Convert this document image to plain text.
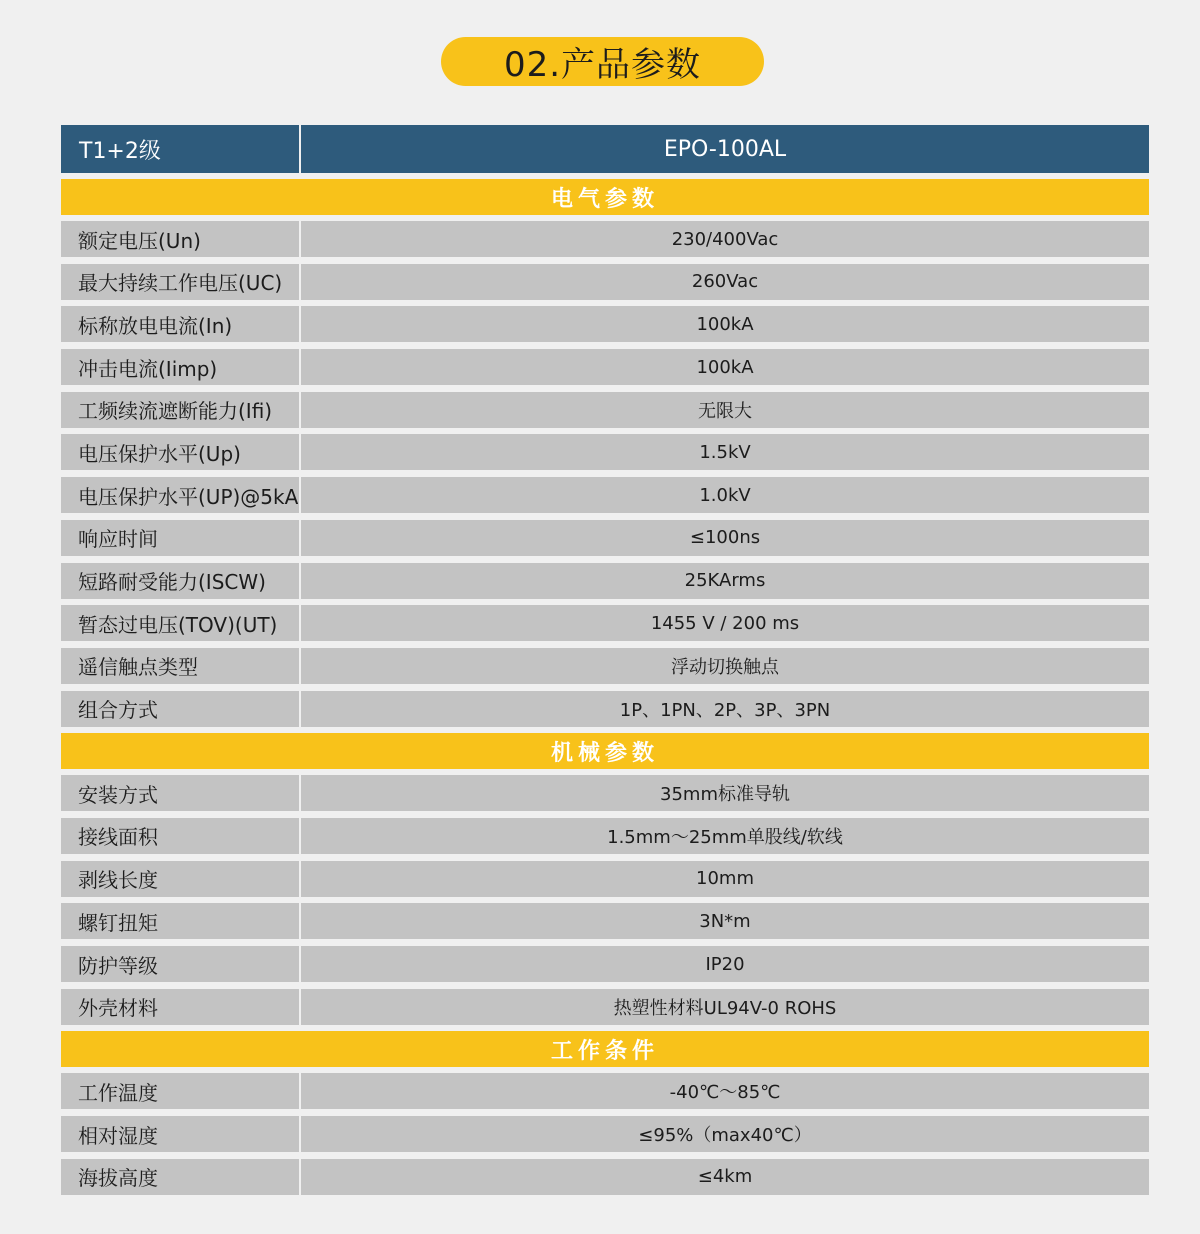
02.产品参数
T1+2级	EPO-100AL
电气参数
额定电压(Un)	230/400Vac
最大持续工作电压(UC)	260Vac
标称放电电流(In)	100kA
冲击电流(Iimp)	100kA
工频续流遮断能力(Ifi)	无限大
电压保护水平(Up)	1.5kV
电压保护水平(UP)@5kA	1.0kV
响应时间	≤100ns
短路耐受能力(ISCW)	25KArms
暂态过电压(TOV)(UT)	1455 V / 200 ms
遥信触点类型	浮动切换触点
组合方式	1P、1PN、2P、3P、3PN
机械参数
安装方式	35mm标准导轨
接线面积	1.5mm～25mm单股线/软线
剥线长度	10mm
螺钉扭矩	3N*m
防护等级	IP20
外壳材料	热塑性材料UL94V-0 ROHS
工作条件
工作温度	-40℃～85℃
相对湿度	≤95%（max40℃）
海拔高度	≤4km
